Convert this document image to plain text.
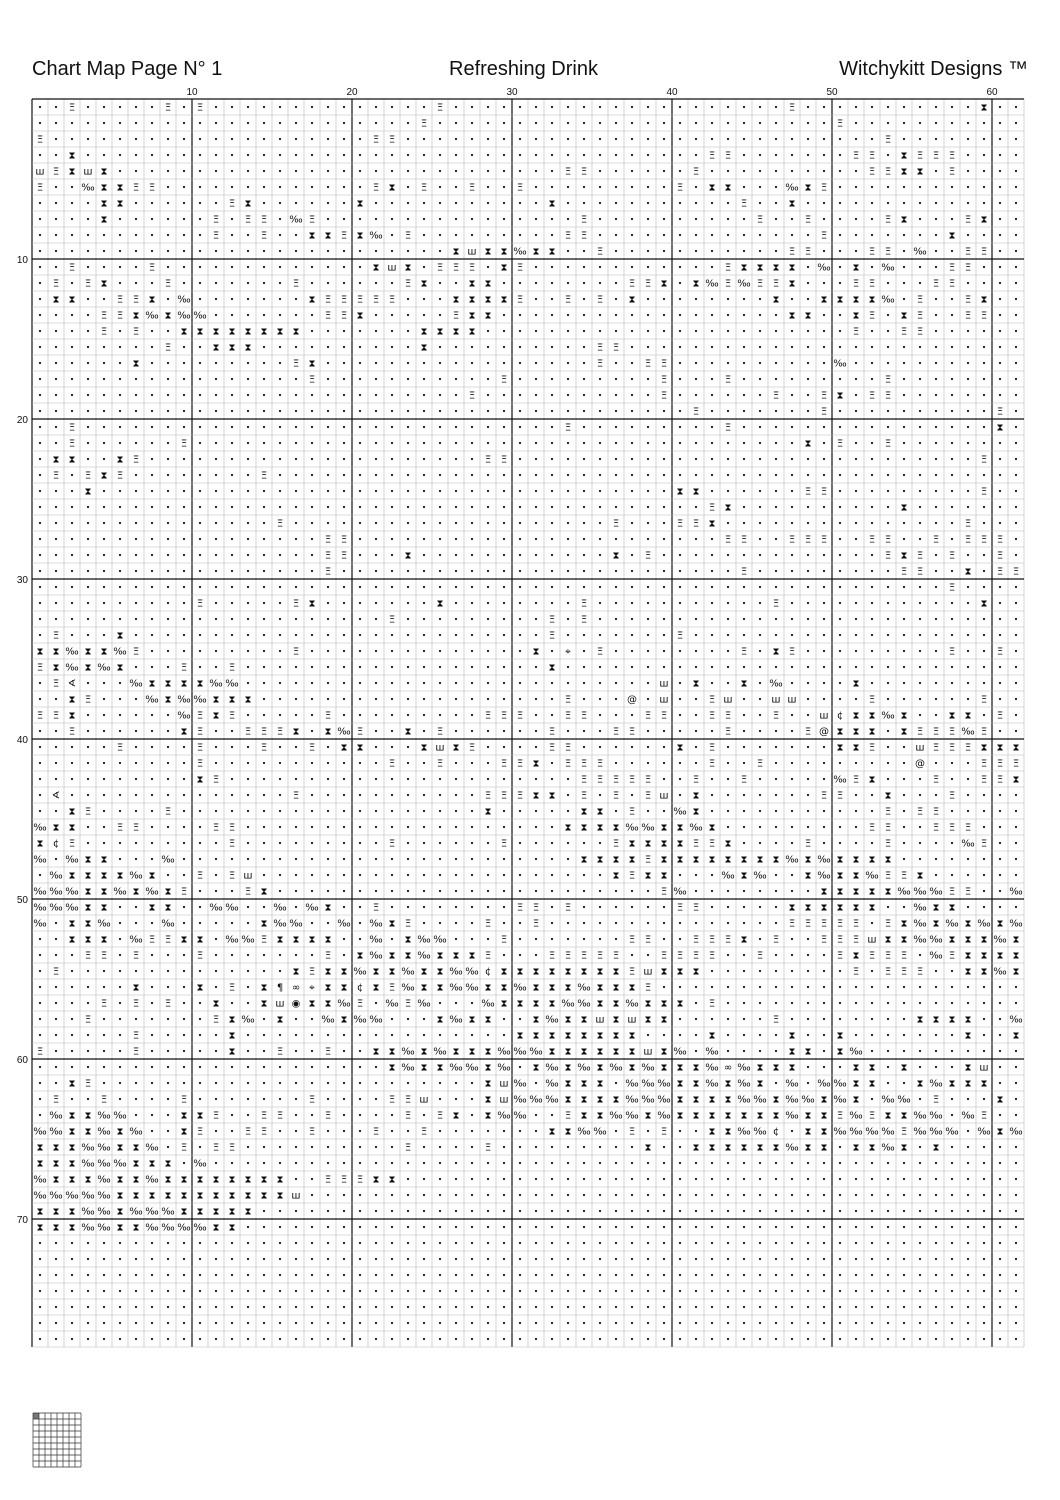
Chart Map Page N° 1	Refreshing Drink	Witchykitt Designs ™
10	20	30	40	50	60
10
20
30
40
50
60
70
Ξ	Ξ	Ξ	Ξ	Ξ	⧗
Ξ	Ξ
Ξ	Ξ Ξ	Ξ
⧗	Ξ Ξ	Ξ Ξ	⧗ Ξ Ξ Ξ
ш Ξ ⧗ ш ⧗	Ξ Ξ	Ξ	Ξ Ξ ⧗ ⧗	Ξ
Ξ	‰ ⧗ ⧗ Ξ Ξ	Ξ ⧗	Ξ	Ξ	Ξ	Ξ	⧗ ⧗	‰ ⧗ Ξ
⧗ ⧗	Ξ ⧗	⧗	⧗	Ξ	⧗
⧗	Ξ	Ξ Ξ ‰ Ξ	Ξ	Ξ	Ξ	Ξ ⧗	Ξ ⧗
Ξ	Ξ	⧗ ⧗ Ξ ⧗ ‰ Ξ	Ξ Ξ	Ξ	⧗
⧗ ш ⧗ ⧗ ‰ ⧗ ⧗	Ξ	Ξ Ξ	Ξ Ξ ‰	Ξ Ξ
Ξ	Ξ	⧗ ш ⧗	Ξ Ξ Ξ	⧗ Ξ	Ξ ⧗ ⧗ ⧗ ⧗ ‰ ⧗ ‰	Ξ Ξ
Ξ	Ξ ⧗	Ξ	Ξ	Ξ ⧗	⧗ ⧗	Ξ Ξ ⧗ ⧗ ‰ Ξ ‰ Ξ Ξ ⧗	Ξ Ξ	Ξ Ξ
⧗ ⧗	Ξ Ξ ⧗ ‰	⧗ Ξ Ξ Ξ Ξ Ξ	⧗ ⧗ ⧗ ⧗ Ξ	Ξ	Ξ	⧗	⧗	⧗ ⧗ ⧗ ⧗ ‰ Ξ	Ξ ⧗
Ξ Ξ ⧗ ‰ ⧗ ‰ ‰	Ξ Ξ ⧗	Ξ ⧗ ⧗	⧗ ⧗	⧗ Ξ	⧗ Ξ	Ξ Ξ
Ξ	Ξ	⧗ ⧗ ⧗ ⧗ ⧗ ⧗ ⧗ ⧗	⧗ ⧗ ⧗ ⧗	Ξ	Ξ Ξ
Ξ	⧗ ⧗ ⧗	⧗	Ξ Ξ
⧗	Ξ ⧗	Ξ	Ξ Ξ	‰
Ξ	Ξ	Ξ	Ξ	Ξ
Ξ	Ξ	Ξ	Ξ ⧗	Ξ Ξ
Ξ	Ξ	Ξ
Ξ	Ξ	Ξ	⧗
Ξ	Ξ	⧗	Ξ	Ξ
⧗ ⧗	⧗ Ξ	Ξ Ξ	Ξ
Ξ	Ξ ⧗ Ξ	Ξ
⧗	⧗ ⧗	Ξ Ξ	Ξ
Ξ ⧗	⧗
Ξ	Ξ	Ξ Ξ ⧗	Ξ
Ξ Ξ	Ξ Ξ	Ξ Ξ Ξ	Ξ Ξ	Ξ	Ξ Ξ Ξ
Ξ Ξ	⧗	⧗	Ξ	Ξ ⧗ Ξ	Ξ	Ξ
Ξ	Ξ	Ξ Ξ	⧗	Ξ Ξ
Ξ
Ξ	Ξ ⧗	⧗	Ξ	Ξ	⧗
Ξ	Ξ	Ξ
Ξ	⧗	Ξ	Ξ
⧗ ⧗ ‰ ⧗ ⧗ ‰ Ξ	Ξ	⧗	⌖	Ξ	Ξ	⧗ Ξ	Ξ	Ξ
Ξ ⧗ ‰ ⧗ ‰ ⧗	Ξ	Ξ	⧗
Ξ ∢	‰ ⧗ ⧗ ⧗ ⧗ ‰ ‰	ш ⧗	⧗ ‰	⧗
⧗ Ξ	‰ ⧗ ‰ ‰ ⧗ ⧗ ⧗	Ξ	@ ш	Ξ ш	ш ш	Ξ	Ξ
Ξ Ξ ⧗	‰ Ξ ⧗ Ξ	Ξ	Ξ Ξ Ξ	Ξ Ξ	Ξ Ξ	Ξ Ξ	Ξ	ш ¢ ⧗ ⧗ ‰ ⧗	⧗ ⧗	Ξ
Ξ	⧗ Ξ	Ξ Ξ Ξ ⧗ ⧗ ‰ Ξ	⧗	Ξ	Ξ	Ξ Ξ	Ξ	Ξ @ ⧗ ⧗ ⧗ ⧗ Ξ Ξ Ξ ‰ Ξ
Ξ	Ξ	Ξ	Ξ	⧗ ⧗	⧗ ш ⧗ Ξ	Ξ Ξ	⧗	Ξ	⧗ ⧗ Ξ	ш Ξ Ξ Ξ ⧗ ⧗ ⧗
Ξ	Ξ	Ξ	Ξ Ξ ⧗	Ξ Ξ Ξ	Ξ	Ξ	@	Ξ Ξ Ξ
⧗ Ξ	Ξ Ξ Ξ Ξ Ξ	Ξ	Ξ	‰ Ξ ⧗	Ξ	Ξ Ξ ⧗
∢	Ξ	Ξ Ξ Ξ ⧗ ⧗	Ξ	Ξ	Ξ ш ⧗	Ξ Ξ	⧗	Ξ
⧗ Ξ	Ξ	⧗	⧗ ⧗	Ξ	‰ ⧗	Ξ	Ξ Ξ
‰ ⧗ ⧗	Ξ Ξ	Ξ Ξ	⧗ ⧗ ⧗ ⧗ ‰ ‰ ⧗ ⧗ ‰ ⧗	Ξ Ξ	Ξ Ξ Ξ
⧗ ¢ Ξ	Ξ	Ξ	Ξ	Ξ ⧗ ⧗ ⧗ ⧗ Ξ Ξ ⧗	Ξ	Ξ	‰ Ξ
‰ ‰ ⧗ ⧗	‰	⧗ ⧗ ⧗ ⧗ Ξ ⧗ ⧗ ⧗ ⧗ ⧗ ⧗ ⧗ ⧗ ‰ ⧗ ‰ ⧗ ⧗ ⧗ ⧗
‰ ⧗ ⧗ ⧗ ⧗ ‰ ⧗	Ξ	Ξ ш	⧗ Ξ ⧗ ⧗	‰ ⧗ ‰	⧗ ‰ ⧗ ⧗ ‰ Ξ Ξ ⧗
‰ ‰ ‰ ⧗ ⧗ ‰ ⧗ ‰ ⧗ Ξ	Ξ ⧗	Ξ ‰	⧗ ⧗ ⧗ ⧗ ⧗ ‰ ‰ ‰ Ξ Ξ	‰
‰ ‰ ‰ ⧗ ⧗	⧗ ⧗	‰ ‰	‰ ‰ ⧗	Ξ	Ξ Ξ	Ξ	Ξ Ξ	⧗ ⧗ ⧗ ⧗ ⧗ ⧗	‰ ⧗ ⧗
‰ ⧗ ⧗ ‰	‰	⧗ ‰ ‰	‰ ‰ ⧗ Ξ	Ξ	Ξ	Ξ Ξ Ξ Ξ Ξ	Ξ ⧗ ‰ ⧗ ‰ ⧗ ‰ ⧗ ‰
⧗ ⧗ ⧗ ‰ Ξ Ξ ⧗ ⧗ ‰ ‰ Ξ ⧗ ⧗ ⧗ ⧗	‰ ⧗ ‰ ‰	Ξ	Ξ Ξ	Ξ Ξ Ξ ⧗	Ξ	Ξ Ξ Ξ ш ⧗ ⧗ ‰ ‰ ⧗ ⧗ ⧗ ‰ ⧗
Ξ Ξ	Ξ	Ξ	Ξ	⧗ ‰ ⧗ ⧗ ‰ ⧗ ⧗ ⧗ Ξ	Ξ Ξ Ξ Ξ Ξ	Ξ Ξ Ξ Ξ	Ξ	Ξ ⧗ Ξ Ξ Ξ ‰ Ξ ⧗ ⧗ ⧗ ⧗
Ξ	⧗ Ξ ⧗ ⧗ ‰ ⧗ ⧗ ‰ ⧗ ⧗ ‰ ‰ ¢ ⧗ ⧗ ⧗ ⧗ ⧗ ⧗ ⧗ ⧗ Ξ ш ⧗ ⧗ ⧗	Ξ	Ξ Ξ Ξ	⧗ ⧗ ‰ ⧗
⧗	⧗	Ξ	⧗ ¶ ∞ ⌖ ⧗ ⧗ ¢ ⧗ Ξ ‰ ⧗ ⧗ ‰ ‰ ⧗ ⧗ ‰ ⧗ ⧗ ⧗ ‰ ⧗ ⧗ ⧗ Ξ
Ξ	Ξ	Ξ	⧗	⧗ ш ◉ ⧗ ⧗ ‰ Ξ ‰ Ξ ‰	‰ ⧗ ⧗ ⧗ ⧗ ‰ ‰ ⧗ ⧗ ‰ ⧗ ⧗ ⧗	Ξ
Ξ	Ξ ⧗ ‰ ⧗	‰ ⧗ ‰ ‰	⧗ ‰ ⧗ ⧗	⧗ ‰ ⧗ ⧗ ш ⧗ ш ⧗ ⧗	Ξ	⧗ ⧗ ⧗ ⧗	‰
Ξ	⧗	⧗ ⧗ ⧗ ⧗ ⧗ ⧗ ⧗ ⧗	⧗	⧗	⧗	⧗	⧗
Ξ	Ξ	⧗	Ξ	Ξ	⧗ ⧗ ‰ ⧗ ‰ ⧗ ⧗ ⧗ ‰ ‰ ‰ ⧗ ⧗ ⧗ ⧗ ⧗ ⧗ ш ⧗ ‰ ‰	⧗ ⧗ ⧗ ‰
⧗ ‰ ⧗ ⧗ ‰ ‰ ⧗ ‰ ⧗ ‰ ⧗ ‰ ⧗ ‰ ⧗ ‰ ⧗ ⧗ ⧗ ‰ ∞ ‰ ⧗ ⧗ ⧗	⧗ ⧗ ⧗	⧗ ш
⧗ Ξ	⧗ ш ‰ ‰ ⧗ ⧗ ⧗ ‰ ‰ ‰ ⧗ ⧗ ‰ ⧗ ‰ ⧗ ‰ ‰ ‰ ⧗ ⧗	⧗ ‰ ⧗ ⧗ ⧗
Ξ	Ξ	Ξ	Ξ	Ξ Ξ ш	⧗ ш ‰ ‰ ‰ ⧗ ⧗ ⧗ ⧗ ‰ ‰ ‰ ⧗ ⧗ ⧗ ⧗ ‰ ‰ ⧗ ‰ ‰ ⧗ ‰ ⧗ ‰ ‰ Ξ	⧗
‰ ⧗ ⧗ ‰ ‰	⧗ ⧗ Ξ	Ξ Ξ	Ξ	Ξ	Ξ ⧗ ⧗ ‰ ‰	Ξ ⧗ ⧗ ‰ ‰ ⧗ ‰ ⧗ ⧗ ⧗ ⧗ ⧗ ⧗ ⧗ ‰ ⧗ ⧗ Ξ ‰ Ξ ⧗ ⧗ ‰ ‰ ‰ Ξ
‰ ‰ ⧗ ⧗ ‰ ⧗ ‰	⧗ Ξ	Ξ Ξ	Ξ	Ξ	Ξ	⧗ ⧗ ‰ ‰ Ξ	Ξ	⧗ ⧗ ‰ ‰ ¢	⧗ ⧗ ‰ ‰ ‰ ‰ Ξ ‰ ‰ ‰ ‰ ⧗ ‰
⧗ ⧗ ⧗ ‰ ‰ ⧗ ⧗ ‰ Ξ	Ξ Ξ	Ξ	Ξ	⧗	⧗ ⧗ ⧗ ⧗ ⧗ ⧗ ‰ ⧗ ⧗ ⧗ ⧗ ‰ ⧗ ⧗
⧗ ⧗ ⧗ ‰ ‰ ‰ ⧗ ⧗ ⧗ ‰
‰ ⧗ ⧗ ⧗ ‰ ⧗ ⧗ ‰ ⧗ ⧗ ⧗ ⧗ ⧗ ⧗ ⧗ ⧗	Ξ Ξ Ξ ⧗ ⧗
‰ ‰ ‰ ‰ ‰ ⧗ ⧗ ⧗ ⧗ ⧗ ⧗ ⧗ ⧗ ⧗ ⧗ ⧗ ш
⧗ ⧗ ⧗ ‰ ‰ ⧗ ‰ ‰ ‰ ⧗ ⧗ ⧗ ⧗ ⧗
⧗ ⧗ ⧗ ‰ ‰ ⧗ ⧗ ‰ ‰ ‰ ‰ ⧗ ⧗
